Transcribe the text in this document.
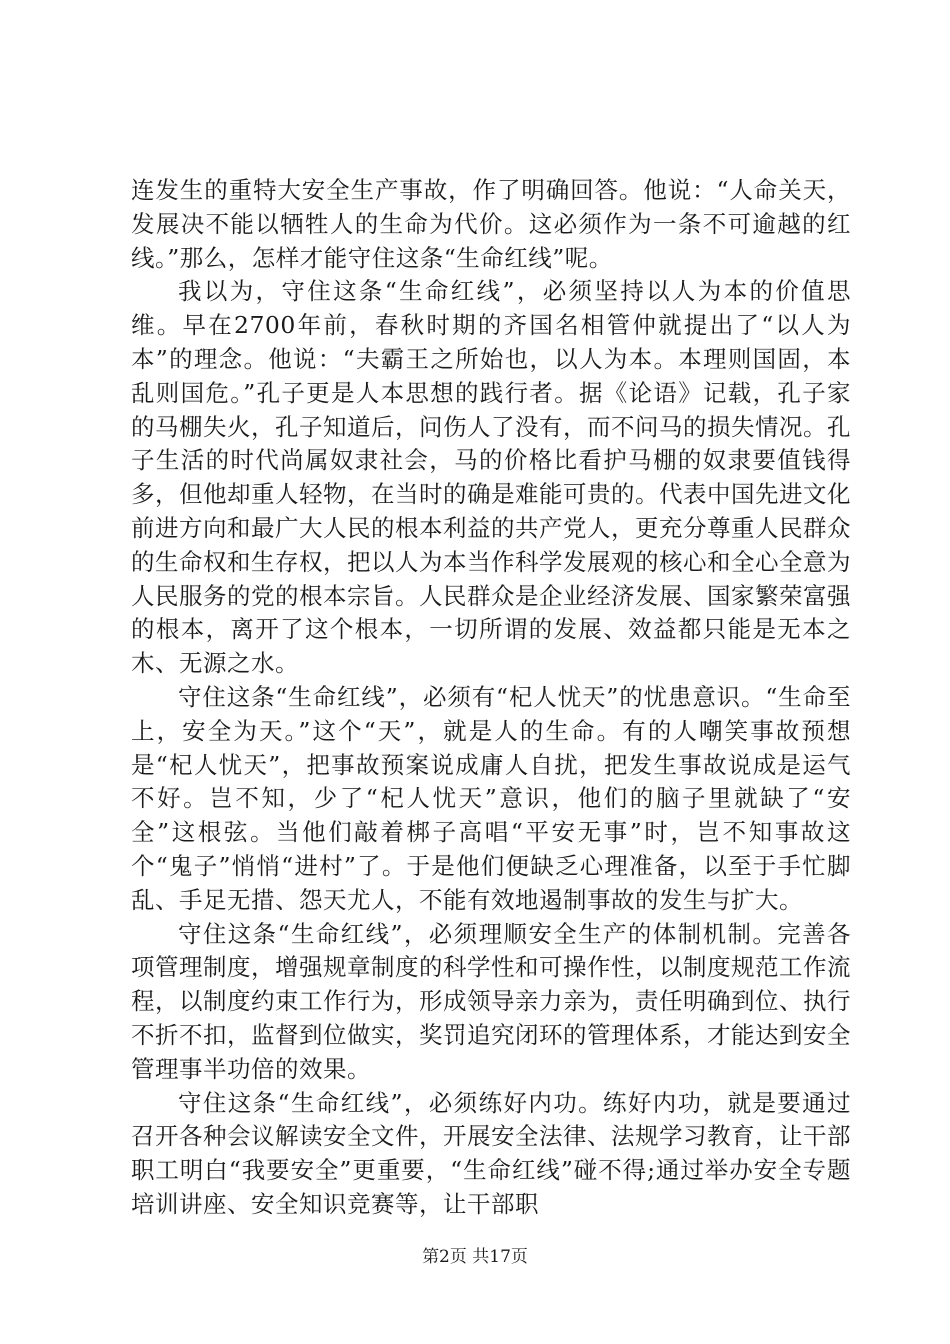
连发生的重特大安全生产事故，作了明确回答。他说：“人命关天，发展决不能以牺牲人的生命为代价。这必须作为一条不可逾越的红线。”那么，怎样才能守住这条“生命红线”呢。

我以为，守住这条“生命红线”，必须坚持以人为本的价值思维。早在2700年前，春秋时期的齐国名相管仲就提出了“以人为本”的理念。他说：“夫霸王之所始也，以人为本。本理则国固，本乱则国危。”孔子更是人本思想的践行者。据《论语》记载，孔子家的马棚失火，孔子知道后，问伤人了没有，而不问马的损失情况。孔子生活的时代尚属奴隶社会，马的价格比看护马棚的奴隶要值钱得多，但他却重人轻物，在当时的确是难能可贵的。代表中国先进文化前进方向和最广大人民的根本利益的共产党人，更充分尊重人民群众的生命权和生存权，把以人为本当作科学发展观的核心和全心全意为人民服务的党的根本宗旨。人民群众是企业经济发展、国家繁荣富强的根本，离开了这个根本，一切所谓的发展、效益都只能是无本之木、无源之水。

守住这条“生命红线”，必须有“杞人忧天”的忧患意识。“生命至上，安全为天。”这个“天”，就是人的生命。有的人嘲笑事故预想是“杞人忧天”，把事故预案说成庸人自扰，把发生事故说成是运气不好。岂不知，少了“杞人忧天”意识，他们的脑子里就缺了“安全”这根弦。当他们敲着梆子高唱“平安无事”时，岂不知事故这个“鬼子”悄悄“进村”了。于是他们便缺乏心理准备，以至于手忙脚乱、手足无措、怨天尤人，不能有效地遏制事故的发生与扩大。

守住这条“生命红线”，必须理顺安全生产的体制机制。完善各项管理制度，增强规章制度的科学性和可操作性，以制度规范工作流程，以制度约束工作行为，形成领导亲力亲为，责任明确到位、执行不折不扣，监督到位做实，奖罚追究闭环的管理体系，才能达到安全管理事半功倍的效果。

守住这条“生命红线”，必须练好内功。练好内功，就是要通过召开各种会议解读安全文件，开展安全法律、法规学习教育，让干部职工明白“我要安全”更重要，“生命红线”碰不得;通过举办安全专题培训讲座、安全知识竞赛等，让干部职

第2页 共17页
